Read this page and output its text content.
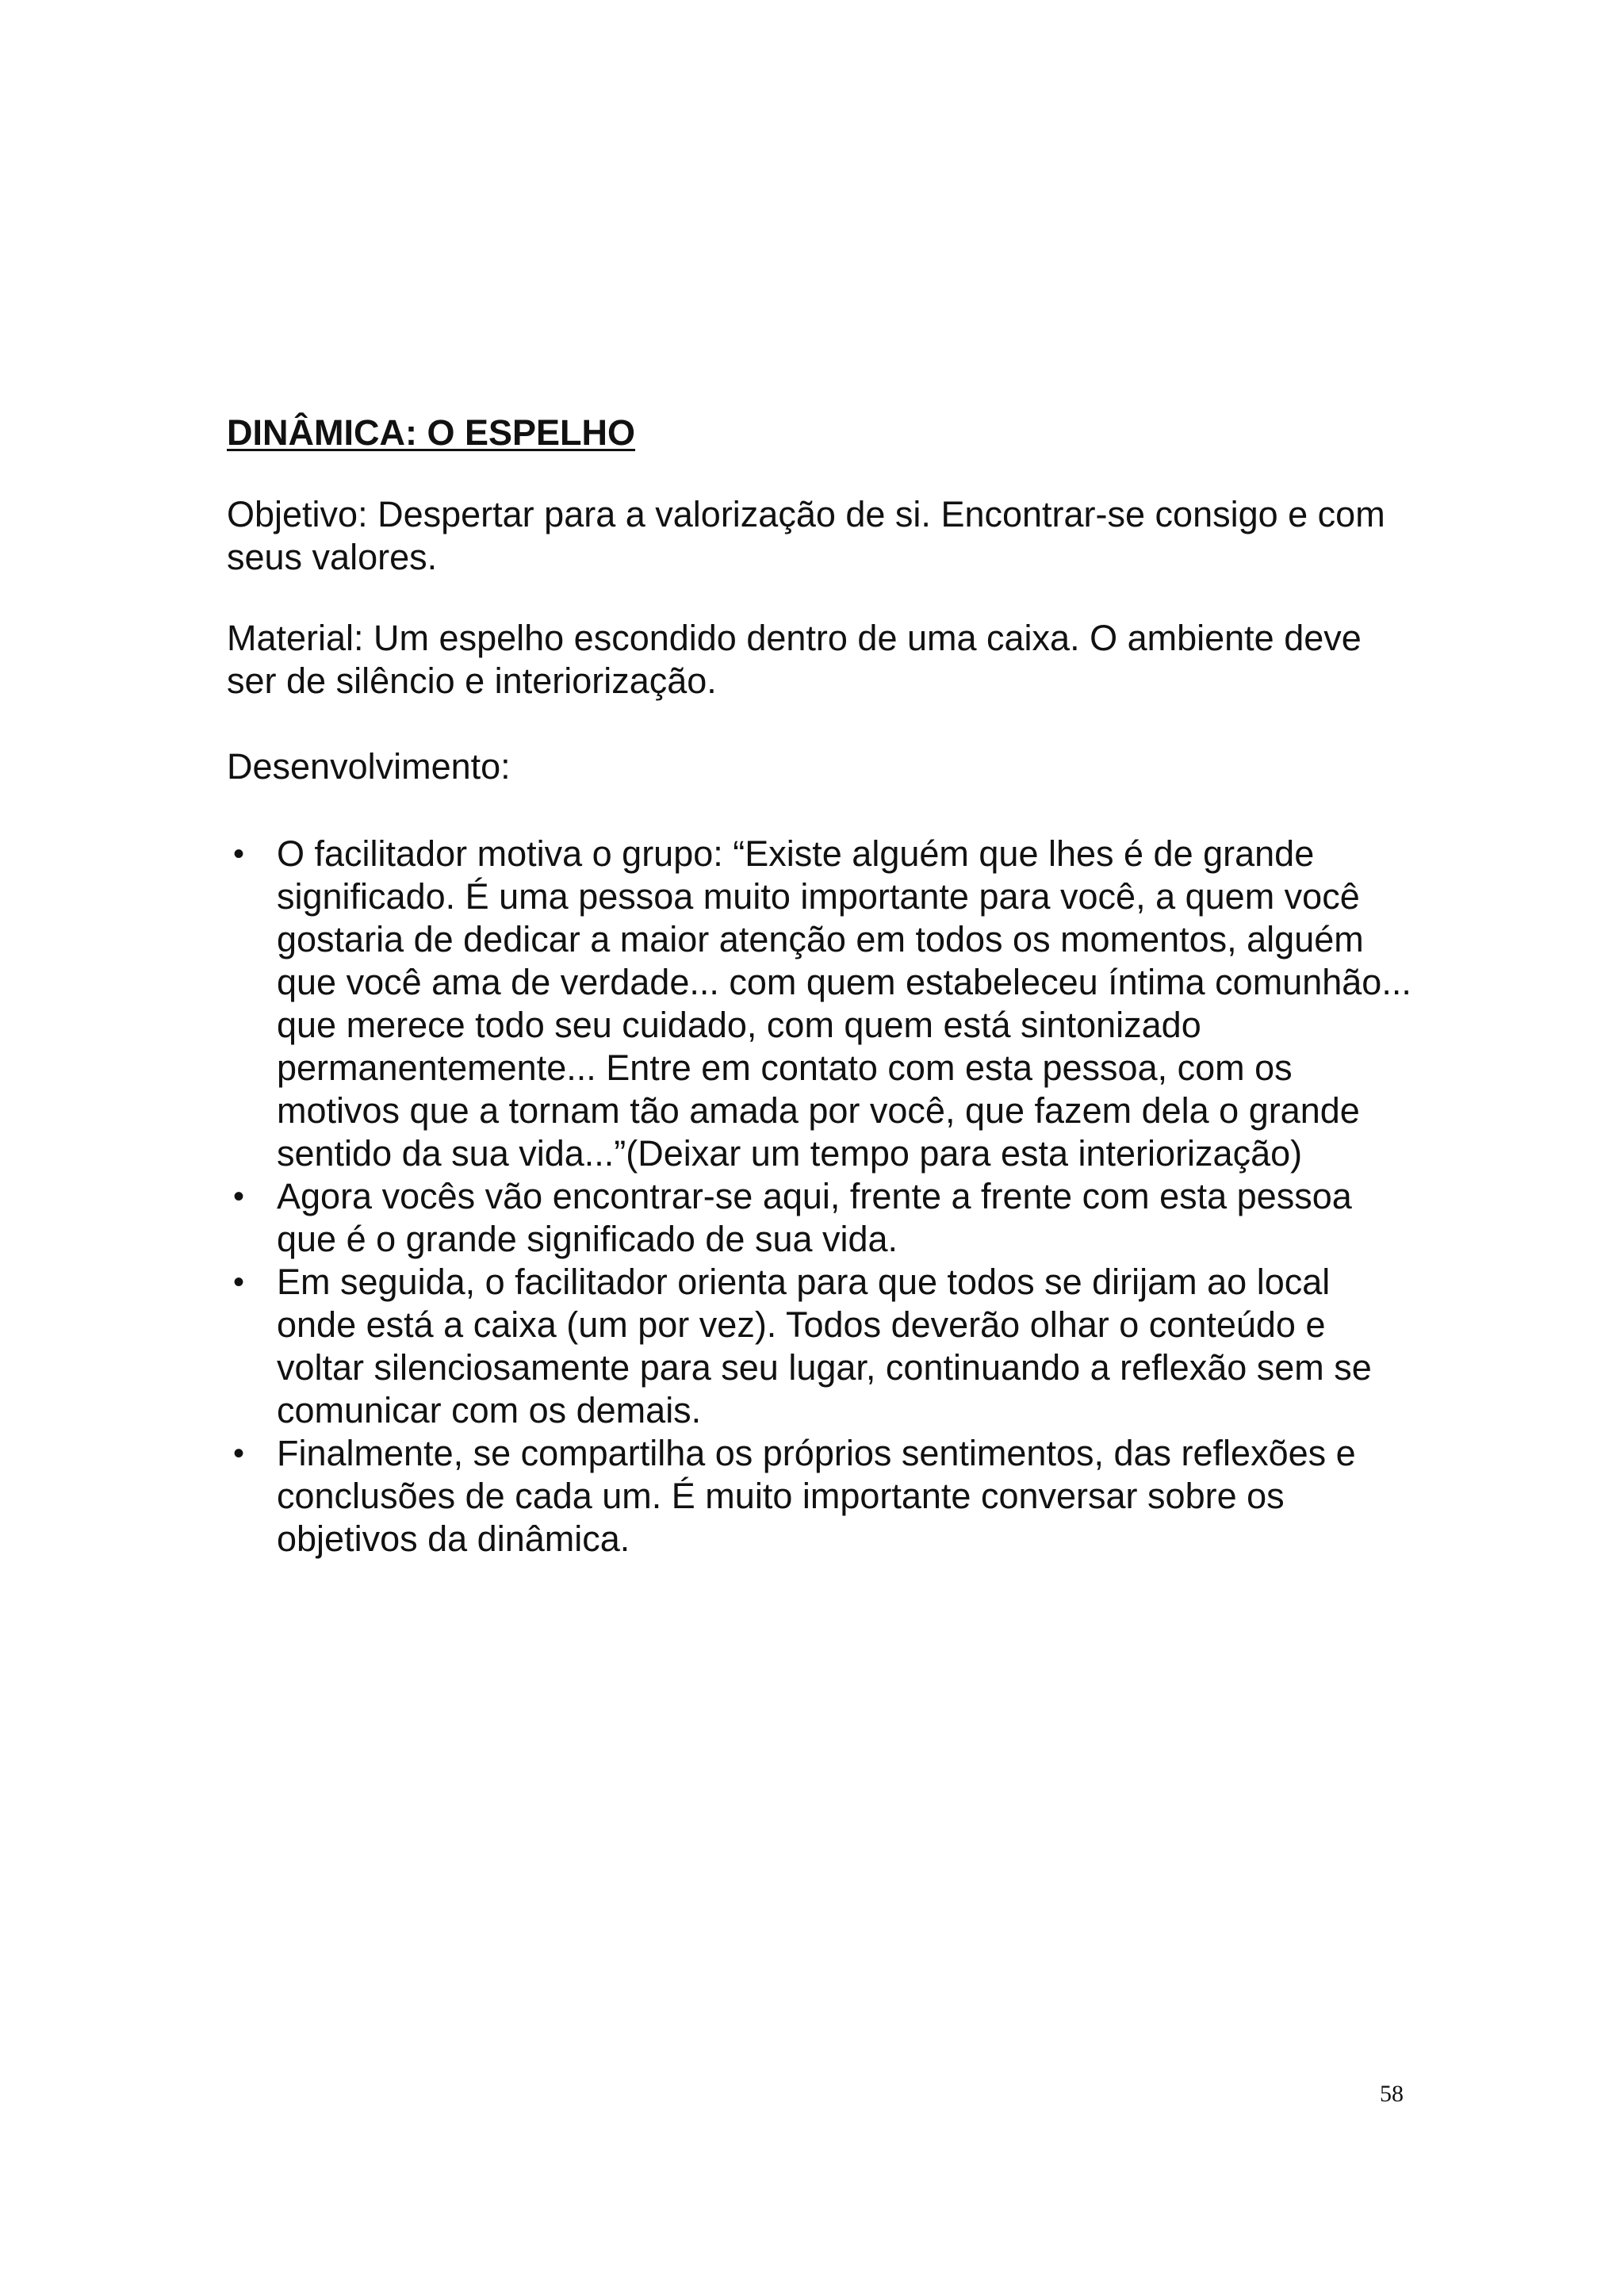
DINÂMICA: O ESPELHO

Objetivo: Despertar para a valorização de si. Encontrar-se consigo e com seus valores.

Material: Um espelho escondido dentro de uma caixa. O ambiente deve ser de silêncio e interiorização.

Desenvolvimento:

• O facilitador motiva o grupo: “Existe alguém que lhes é de grande significado. É uma pessoa muito importante para você, a quem você gostaria de dedicar a maior atenção em todos os momentos, alguém que você ama de verdade... com quem estabeleceu íntima comunhão... que merece todo seu cuidado, com quem está sintonizado permanentemente... Entre em contato com esta pessoa, com os motivos que a tornam tão amada por você, que fazem dela o grande sentido da sua vida...”(Deixar um tempo para esta interiorização)
• Agora vocês vão encontrar-se aqui, frente a frente com esta pessoa que é o grande significado de sua vida.
• Em seguida, o facilitador orienta para que todos se dirijam ao local onde está a caixa (um por vez). Todos deverão olhar o conteúdo e voltar silenciosamente para seu lugar, continuando a reflexão sem se comunicar com os demais.
• Finalmente, se compartilha os próprios sentimentos, das reflexões e conclusões de cada um. É muito importante conversar sobre os objetivos da dinâmica.
58
